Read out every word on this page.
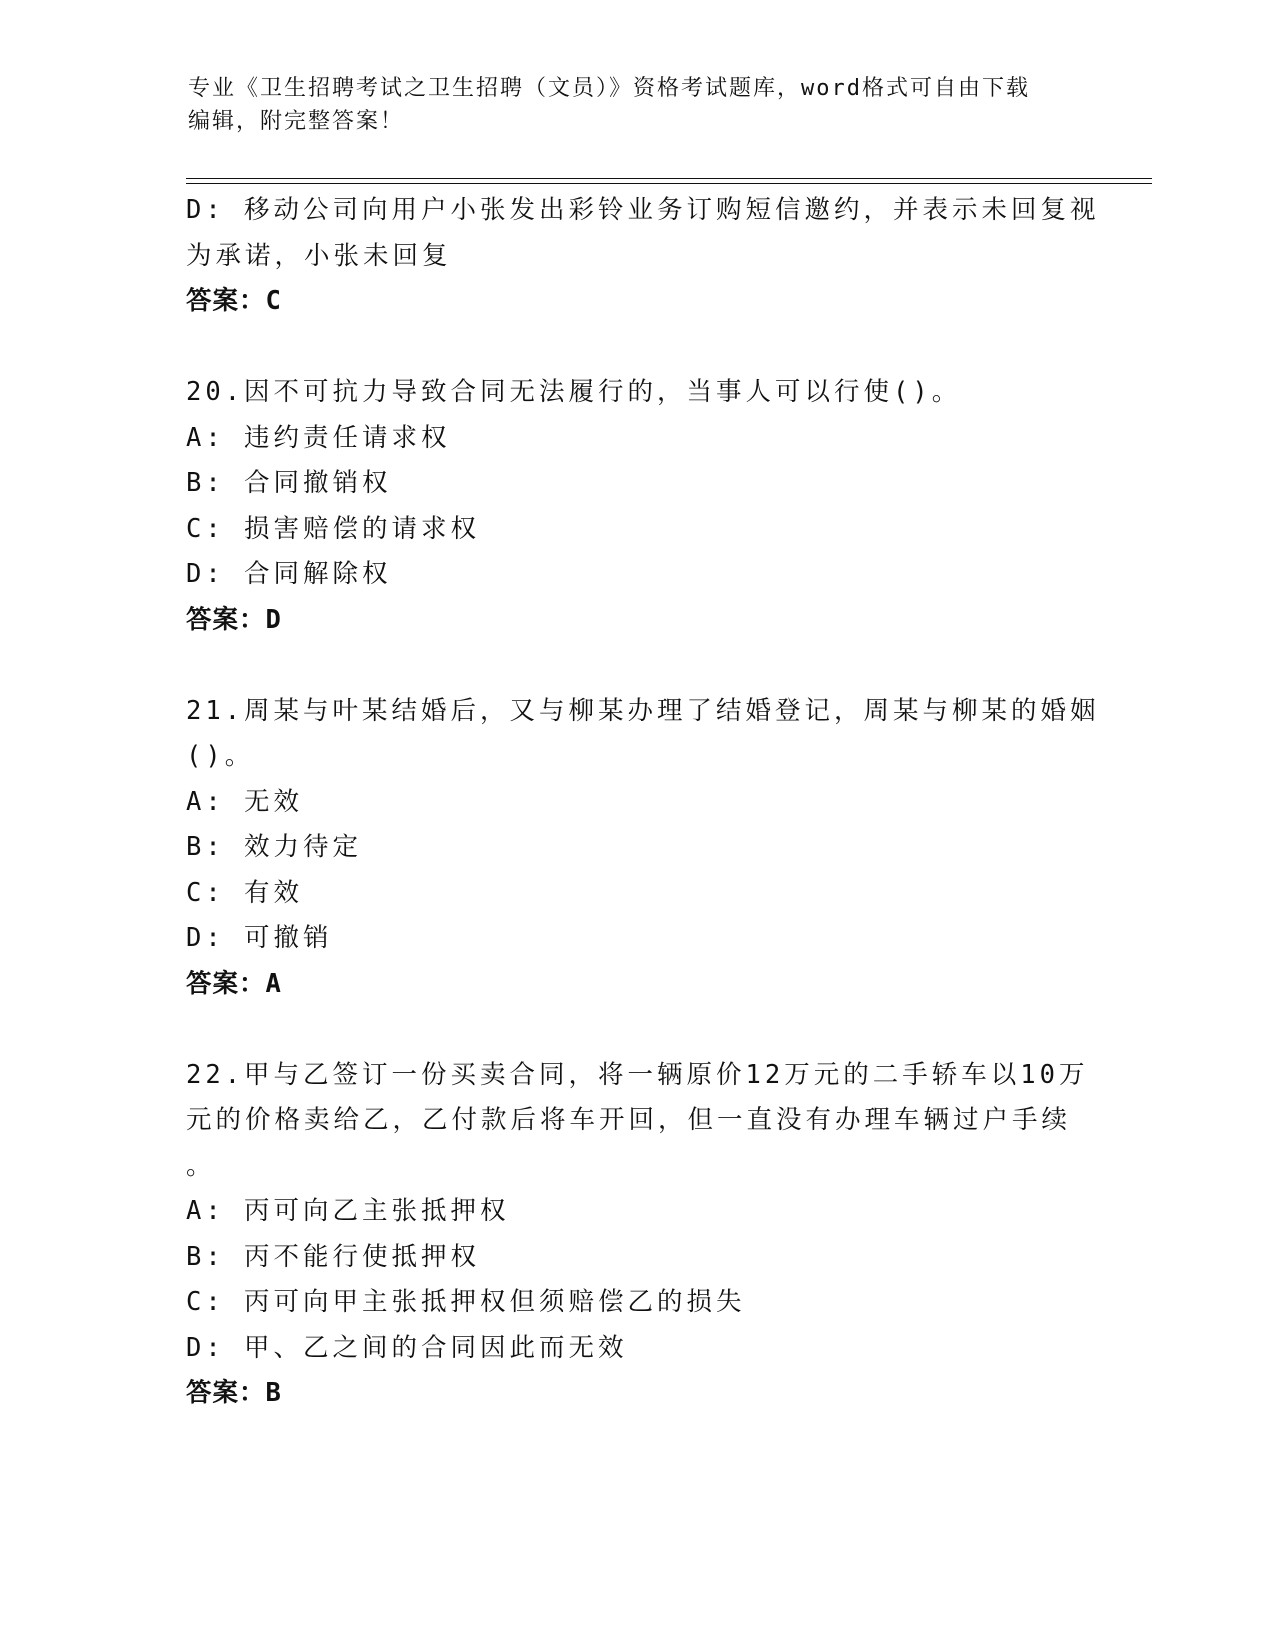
专业《卫生招聘考试之卫生招聘（文员）》资格考试题库，word格式可自由下载

编辑，附完整答案！

D: 移动公司向用户小张发出彩铃业务订购短信邀约，并表示未回复视
为承诺，小张未回复
答案：C
20.因不可抗力导致合同无法履行的，当事人可以行使()。
A: 违约责任请求权
B: 合同撤销权
C: 损害赔偿的请求权
D: 合同解除权
答案：D
21.周某与叶某结婚后，又与柳某办理了结婚登记，周某与柳某的婚姻
()。
A: 无效
B: 效力待定
C: 有效
D: 可撤销
答案：A
22.甲与乙签订一份买卖合同，将一辆原价12万元的二手轿车以10万
元的价格卖给乙，乙付款后将车开回，但一直没有办理车辆过户手续
。
A: 丙可向乙主张抵押权
B: 丙不能行使抵押权
C: 丙可向甲主张抵押权但须赔偿乙的损失
D: 甲、乙之间的合同因此而无效
答案：B
